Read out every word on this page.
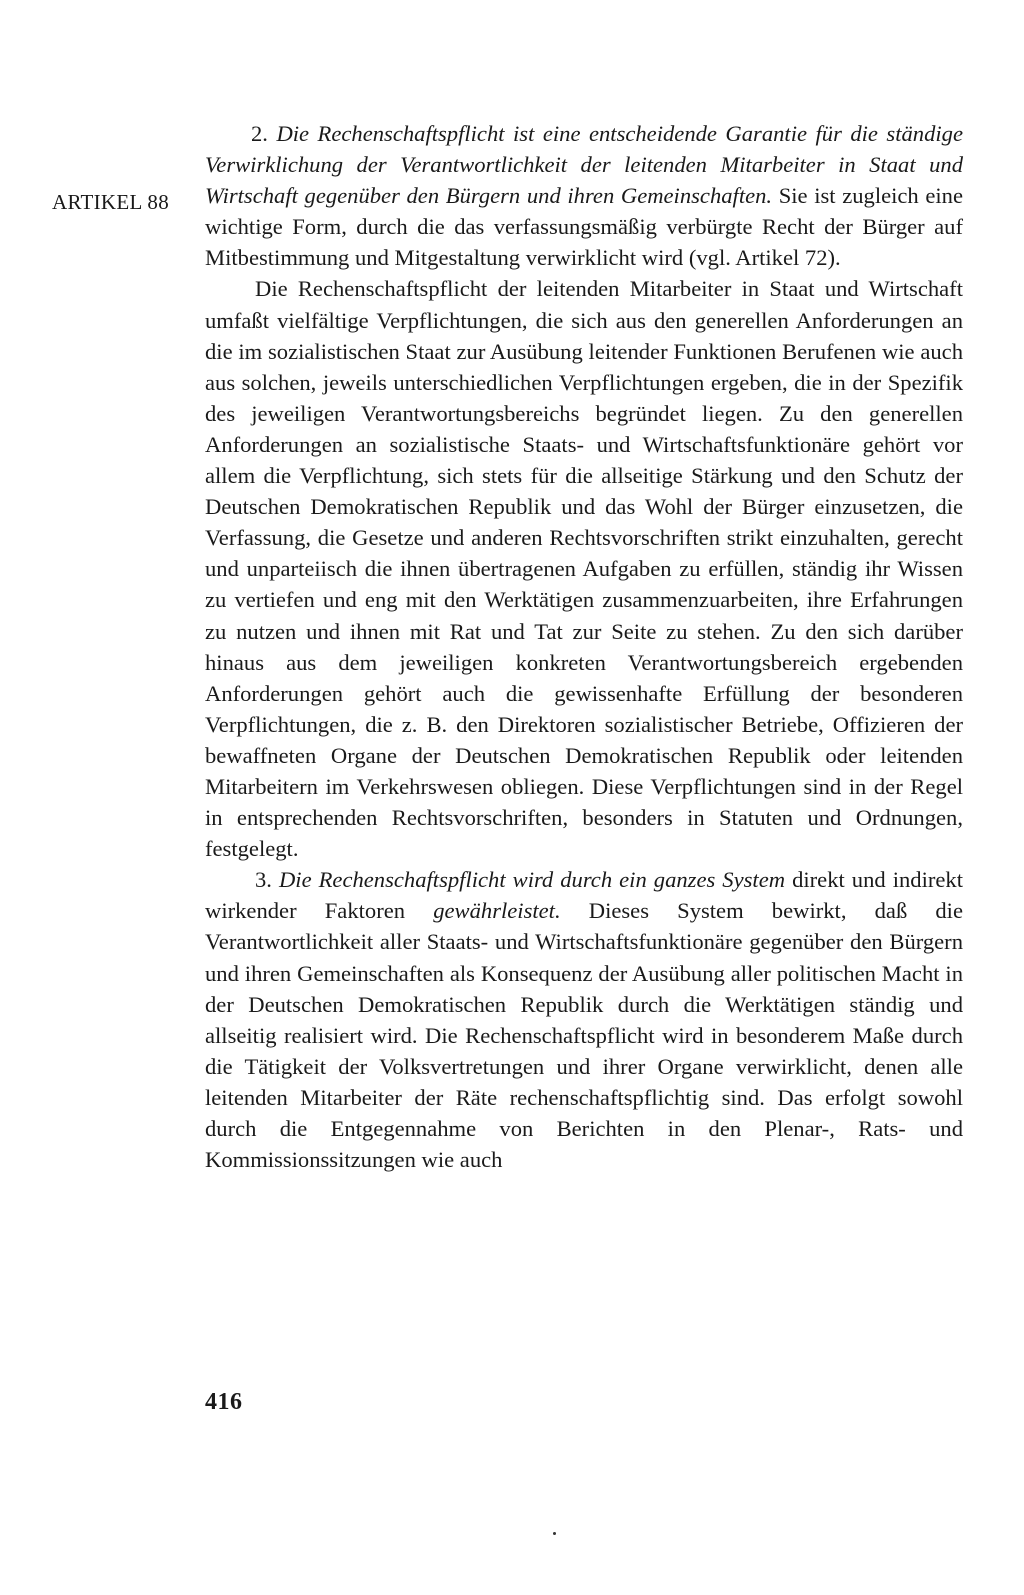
ARTIKEL 88

2. Die Rechenschaftspflicht ist eine entscheidende Garantie für die ständige Verwirklichung der Verantwortlichkeit der leitenden Mitarbeiter in Staat und Wirtschaft gegenüber den Bürgern und ihren Gemeinschaften. Sie ist zugleich eine wichtige Form, durch die das verfassungsmäßig verbürgte Recht der Bürger auf Mitbestimmung und Mitgestaltung verwirklicht wird (vgl. Artikel 72).

Die Rechenschaftspflicht der leitenden Mitarbeiter in Staat und Wirtschaft umfaßt vielfältige Verpflichtungen, die sich aus den generellen Anforderungen an die im sozialistischen Staat zur Ausübung leitender Funktionen Berufenen wie auch aus solchen, jeweils unterschiedlichen Verpflichtungen ergeben, die in der Spezifik des jeweiligen Verantwortungsbereichs begründet liegen. Zu den generellen Anforderungen an sozialistische Staats- und Wirtschaftsfunktionäre gehört vor allem die Verpflichtung, sich stets für die allseitige Stärkung und den Schutz der Deutschen Demokratischen Republik und das Wohl der Bürger einzusetzen, die Verfassung, die Gesetze und anderen Rechtsvorschriften strikt einzuhalten, gerecht und unparteiisch die ihnen übertragenen Aufgaben zu erfüllen, ständig ihr Wissen zu vertiefen und eng mit den Werktätigen zusammenzuarbeiten, ihre Erfahrungen zu nutzen und ihnen mit Rat und Tat zur Seite zu stehen. Zu den sich darüber hinaus aus dem jeweiligen konkreten Verantwortungsbereich ergebenden Anforderungen gehört auch die gewissenhafte Erfüllung der besonderen Verpflichtungen, die z. B. den Direktoren sozialistischer Betriebe, Offizieren der bewaffneten Organe der Deutschen Demokratischen Republik oder leitenden Mitarbeitern im Verkehrswesen obliegen. Diese Verpflichtungen sind in der Regel in entsprechenden Rechtsvorschriften, besonders in Statuten und Ordnungen, festgelegt.

3. Die Rechenschaftspflicht wird durch ein ganzes System direkt und indirekt wirkender Faktoren gewährleistet. Dieses System bewirkt, daß die Verantwortlichkeit aller Staats- und Wirtschaftsfunktionäre gegenüber den Bürgern und ihren Gemeinschaften als Konsequenz der Ausübung aller politischen Macht in der Deutschen Demokratischen Republik durch die Werktätigen ständig und allseitig realisiert wird. Die Rechenschaftspflicht wird in besonderem Maße durch die Tätigkeit der Volksvertretungen und ihrer Organe verwirklicht, denen alle leitenden Mitarbeiter der Räte rechenschaftspflichtig sind. Das erfolgt sowohl durch die Entgegennahme von Berichten in den Plenar-, Rats- und Kommissionssitzungen wie auch

416
